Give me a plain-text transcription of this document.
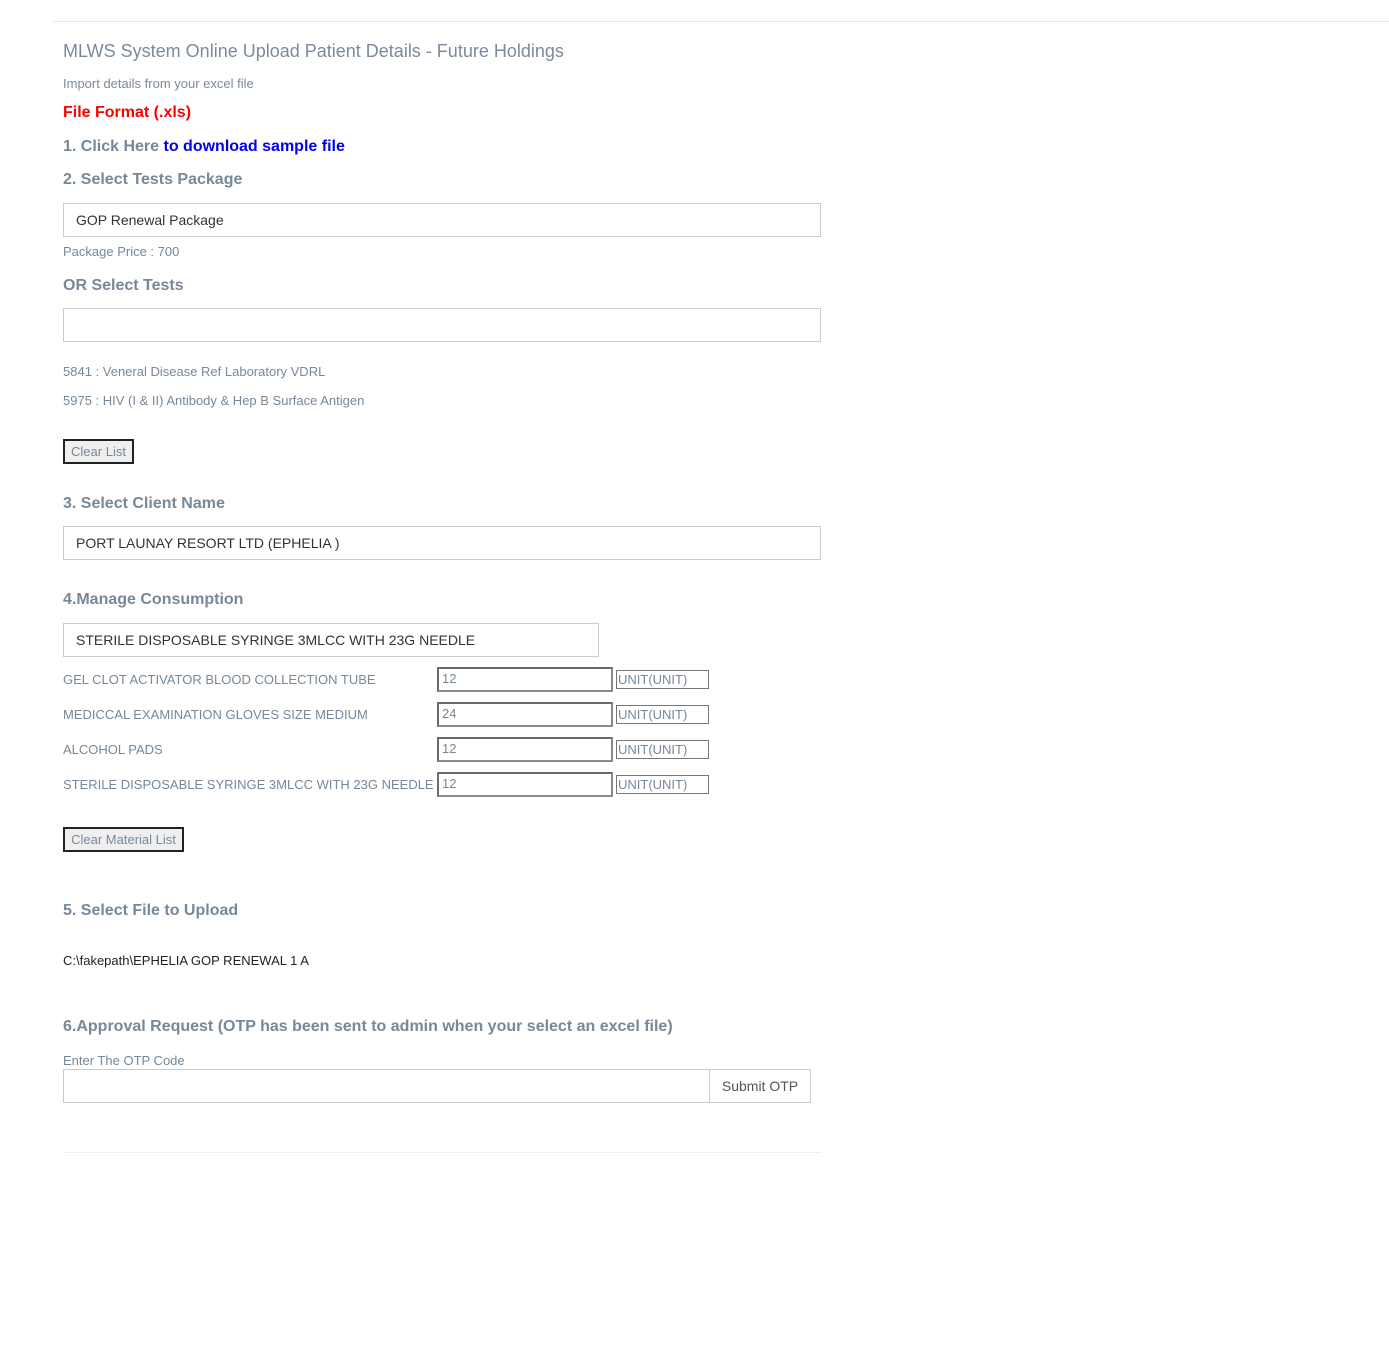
MLWS System Online Upload Patient Details - Future Holdings
Import details from your excel file
File Format (.xls)
1. Click Here to download sample file
2. Select Tests Package
GOP Renewal Package
Package Price : 700
OR Select Tests
5841 : Veneral Disease Ref Laboratory VDRL
5975 : HIV (I & II) Antibody & Hep B Surface Antigen
Clear List
3. Select Client Name
PORT LAUNAY RESORT LTD (EPHELIA )
4.Manage Consumption
STERILE DISPOSABLE SYRINGE 3MLCC WITH 23G NEEDLE
GEL CLOT ACTIVATOR BLOOD COLLECTION TUBE	12	UNIT(UNIT)
MEDICCAL EXAMINATION GLOVES SIZE MEDIUM	24	UNIT(UNIT)
ALCOHOL PADS	12	UNIT(UNIT)
STERILE DISPOSABLE SYRINGE 3MLCC WITH 23G NEEDLE 12	UNIT(UNIT)
Clear Material List
5. Select File to Upload
C:\fakepath\EPHELIA GOP RENEWAL 1 A
6.Approval Request (OTP has been sent to admin when your select an excel file)
Enter The OTP Code
Submit OTP
